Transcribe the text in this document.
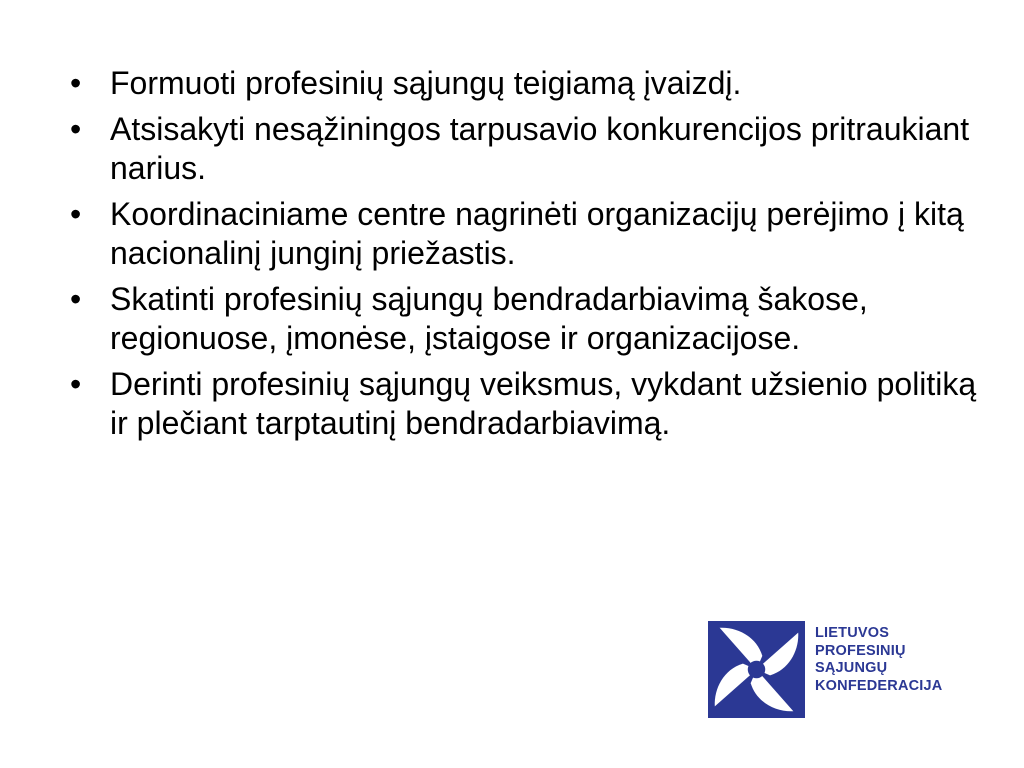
• Formuoti profesinių sąjungų teigiamą įvaizdį.
• Atsisakyti nesąžiningos tarpusavio konkurencijos pritraukiant narius.
• Koordinaciniame centre nagrinėti organizacijų perėjimo į kitą nacionalinį junginį priežastis.
• Skatinti profesinių sąjungų bendradarbiavimą šakose, regionuose, įmonėse, įstaigose ir organizacijose.
• Derinti profesinių sąjungų veiksmus, vykdant užsienio politiką ir plečiant tarptautinį bendradarbiavimą.
LIETUVOS
PROFESINIŲ
SĄJUNGŲ
KONFEDERACIJA
